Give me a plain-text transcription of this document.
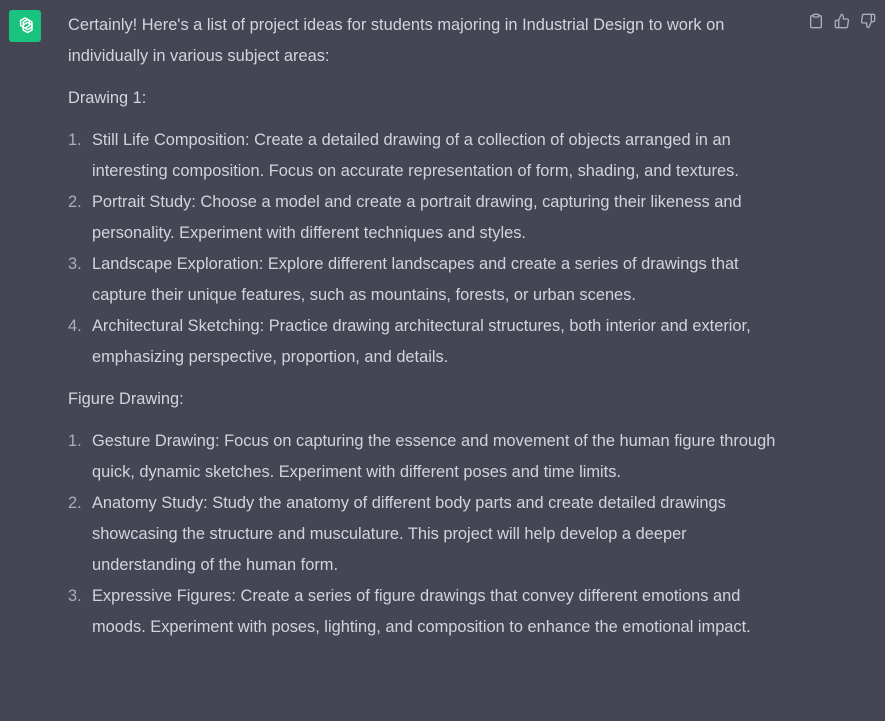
Certainly! Here's a list of project ideas for students majoring in Industrial Design to work on individually in various subject areas:

Drawing 1:

1. Still Life Composition: Create a detailed drawing of a collection of objects arranged in an interesting composition. Focus on accurate representation of form, shading, and textures.
2. Portrait Study: Choose a model and create a portrait drawing, capturing their likeness and personality. Experiment with different techniques and styles.
3. Landscape Exploration: Explore different landscapes and create a series of drawings that capture their unique features, such as mountains, forests, or urban scenes.
4. Architectural Sketching: Practice drawing architectural structures, both interior and exterior, emphasizing perspective, proportion, and details.

Figure Drawing:

1. Gesture Drawing: Focus on capturing the essence and movement of the human figure through quick, dynamic sketches. Experiment with different poses and time limits.
2. Anatomy Study: Study the anatomy of different body parts and create detailed drawings showcasing the structure and musculature. This project will help develop a deeper understanding of the human form.
3. Expressive Figures: Create a series of figure drawings that convey different emotions and moods. Experiment with poses, lighting, and composition to enhance the emotional impact.
